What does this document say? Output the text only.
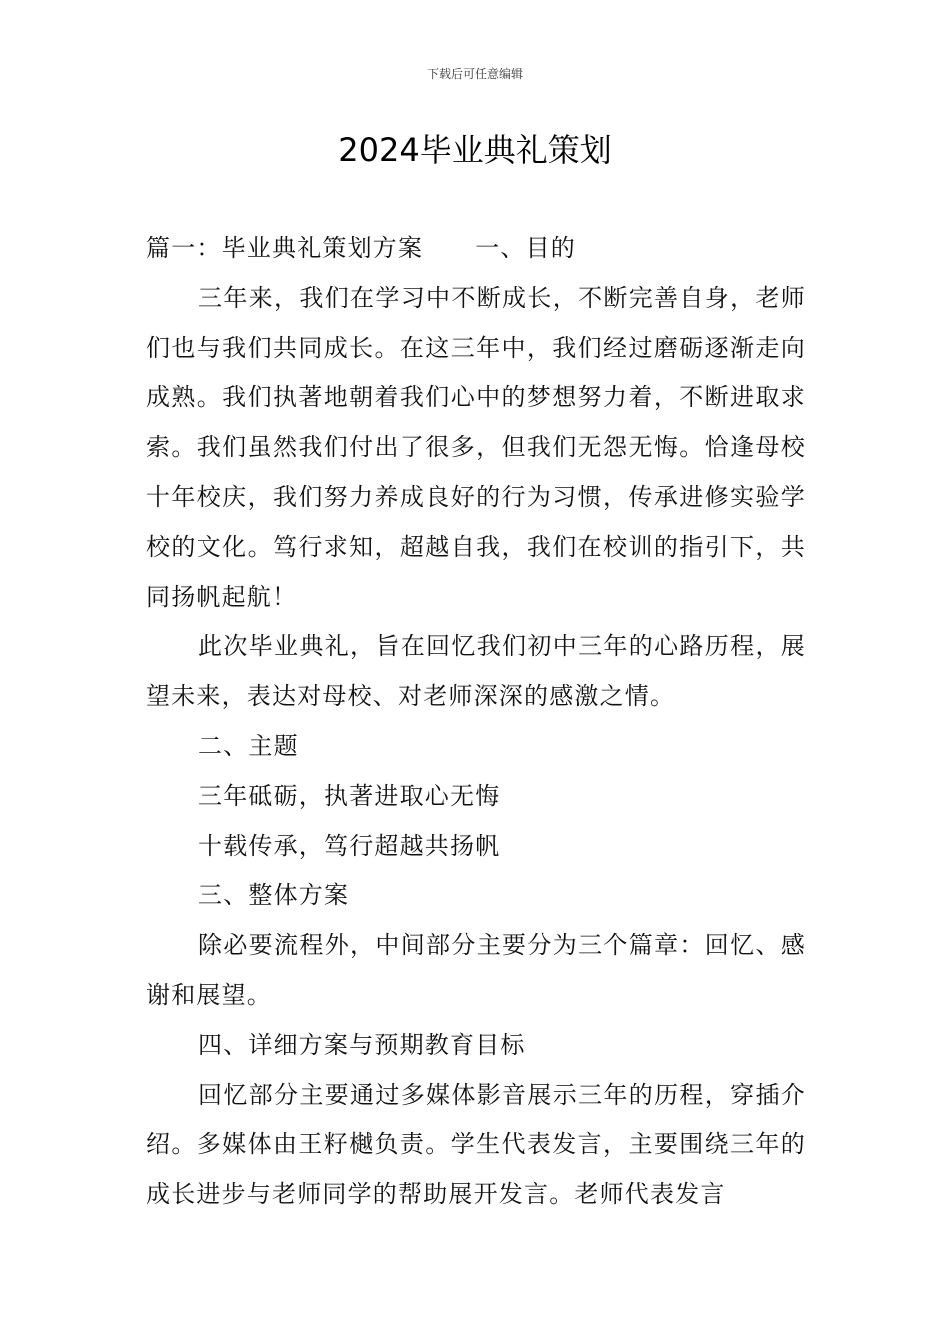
下载后可任意编辑
2024毕业典礼策划

篇一：毕业典礼策划方案 一、目的

三年来，我们在学习中不断成长，不断完善自身，老师们也与我们共同成长。在这三年中，我们经过磨砺逐渐走向成熟。我们执著地朝着我们心中的梦想努力着，不断进取求索。我们虽然我们付出了很多，但我们无怨无悔。恰逢母校十年校庆，我们努力养成良好的行为习惯，传承进修实验学校的文化。笃行求知，超越自我，我们在校训的指引下，共同扬帆起航！

此次毕业典礼，旨在回忆我们初中三年的心路历程，展望未来，表达对母校、对老师深深的感激之情。

二、主题

三年砥砺，执著进取心无悔

十载传承，笃行超越共扬帆

三、整体方案

除必要流程外，中间部分主要分为三个篇章：回忆、感谢和展望。

四、详细方案与预期教育目标

回忆部分主要通过多媒体影音展示三年的历程，穿插介绍。多媒体由王籽樾负责。学生代表发言，主要围绕三年的成长进步与老师同学的帮助展开发言。老师代表发言
